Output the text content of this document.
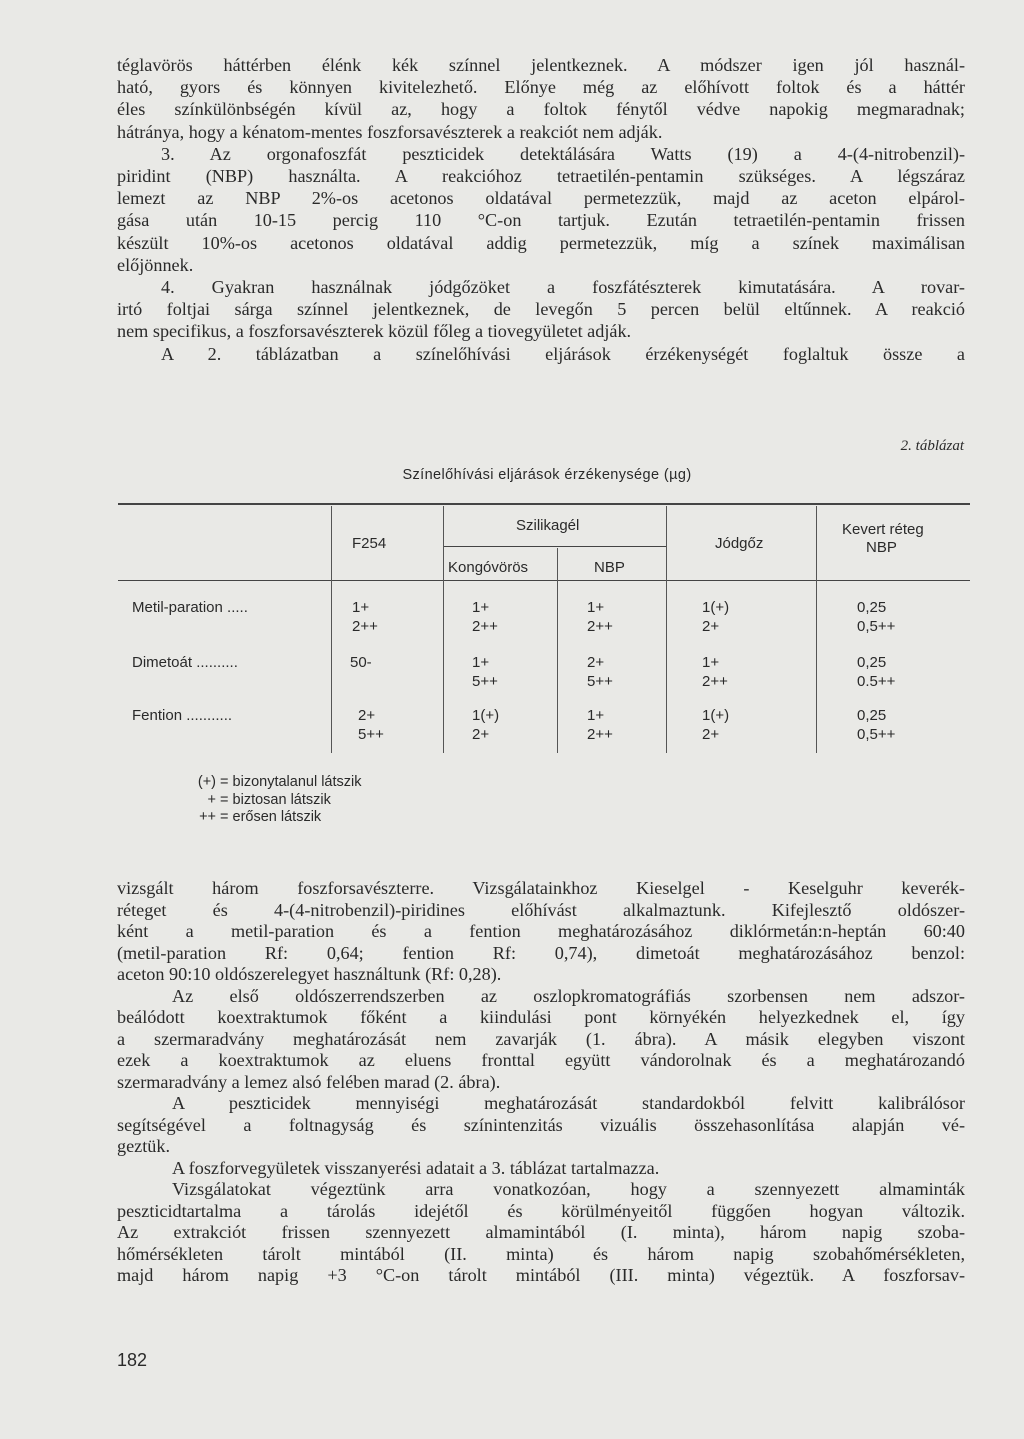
téglavörös háttérben élénk kék színnel jelentkeznek. A módszer igen jól használ-
ható, gyors és könnyen kivitelezhető. Előnye még az előhívott foltok és a háttér
éles színkülönbségén kívül az, hogy a foltok fénytől védve napokig megmaradnak;
hátránya, hogy a kénatom-mentes foszforsavészterek a reakciót nem adják.
3. Az orgonafoszfát peszticidek detektálására Watts (19) a 4-(4-nitrobenzil)-
piridint (NBP) használta. A reakcióhoz tetraetilén-pentamin szükséges. A légszáraz
lemezt az NBP 2%-os acetonos oldatával permetezzük, majd az aceton elpárol-
gása után 10-15 percig 110 °C-on tartjuk. Ezután tetraetilén-pentamin frissen
készült 10%-os acetonos oldatával addig permetezzük, míg a színek maximálisan
előjönnek.
4. Gyakran használnak jódgőzöket a foszfátészterek kimutatására. A rovar-
irtó foltjai sárga színnel jelentkeznek, de levegőn 5 percen belül eltűnnek. A reakció
nem specifikus, a foszforsavészterek közül főleg a tiovegyületet adják.
A 2. táblázatban a színelőhívási eljárások érzékenységét foglaltuk össze a
2. táblázat
Színelőhívási eljárások érzékenysége (µg)
F254
Szilikagél
Kongóvörös	NBP
Jódgőz
Kevert réteg
NBP
Metil-paration .....
Dimetoát ..........
Fention ...........
1+
2++
1+
2++
1+
2++
1(+)
2+
0,25
0,5++
50-	1+
5++
2+
5++
1+
2++
0,25
0.5++
2+
5++
1(+)
2+
1+
2++
1(+)
2+
0,25
0,5++
(+) = bizonytalanul látszik
+ = biztosan látszik
++ = erősen látszik
vizsgált három foszforsavészterre. Vizsgálatainkhoz Kieselgel - Keselguhr keverék-
réteget és 4-(4-nitrobenzil)-piridines előhívást alkalmaztunk. Kifejlesztő oldószer-
ként a metil-paration és a fention meghatározásához diklórmetán:n-heptán 60:40
(metil-paration Rf: 0,64; fention Rf: 0,74), dimetoát meghatározásához benzol:
aceton 90:10 oldószerelegyet használtunk (Rf: 0,28).
Az első oldószerrendszerben az oszlopkromatográfiás szorbensen nem adszor-
beálódott koextraktumok főként a kiindulási pont környékén helyezkednek el, így
a szermaradvány meghatározását nem zavarják (1. ábra). A másik elegyben viszont
ezek a koextraktumok az eluens fronttal együtt vándorolnak és a meghatározandó
szermaradvány a lemez alsó felében marad (2. ábra).
A peszticidek mennyiségi meghatározását standardokból felvitt kalibrálósor
segítségével a foltnagyság és színintenzitás vizuális összehasonlítása alapján vé-
geztük.
A foszforvegyületek visszanyerési adatait a 3. táblázat tartalmazza.
Vizsgálatokat végeztünk arra vonatkozóan, hogy a szennyezett almaminták
peszticidtartalma a tárolás idejétől és körülményeitől függően hogyan változik.
Az extrakciót frissen szennyezett almamintából (I. minta), három napig szoba-
hőmérsékleten tárolt mintából (II. minta) és három napig szobahőmérsékleten,
majd három napig +3 °C-on tárolt mintából (III. minta) végeztük. A foszforsav-
182
